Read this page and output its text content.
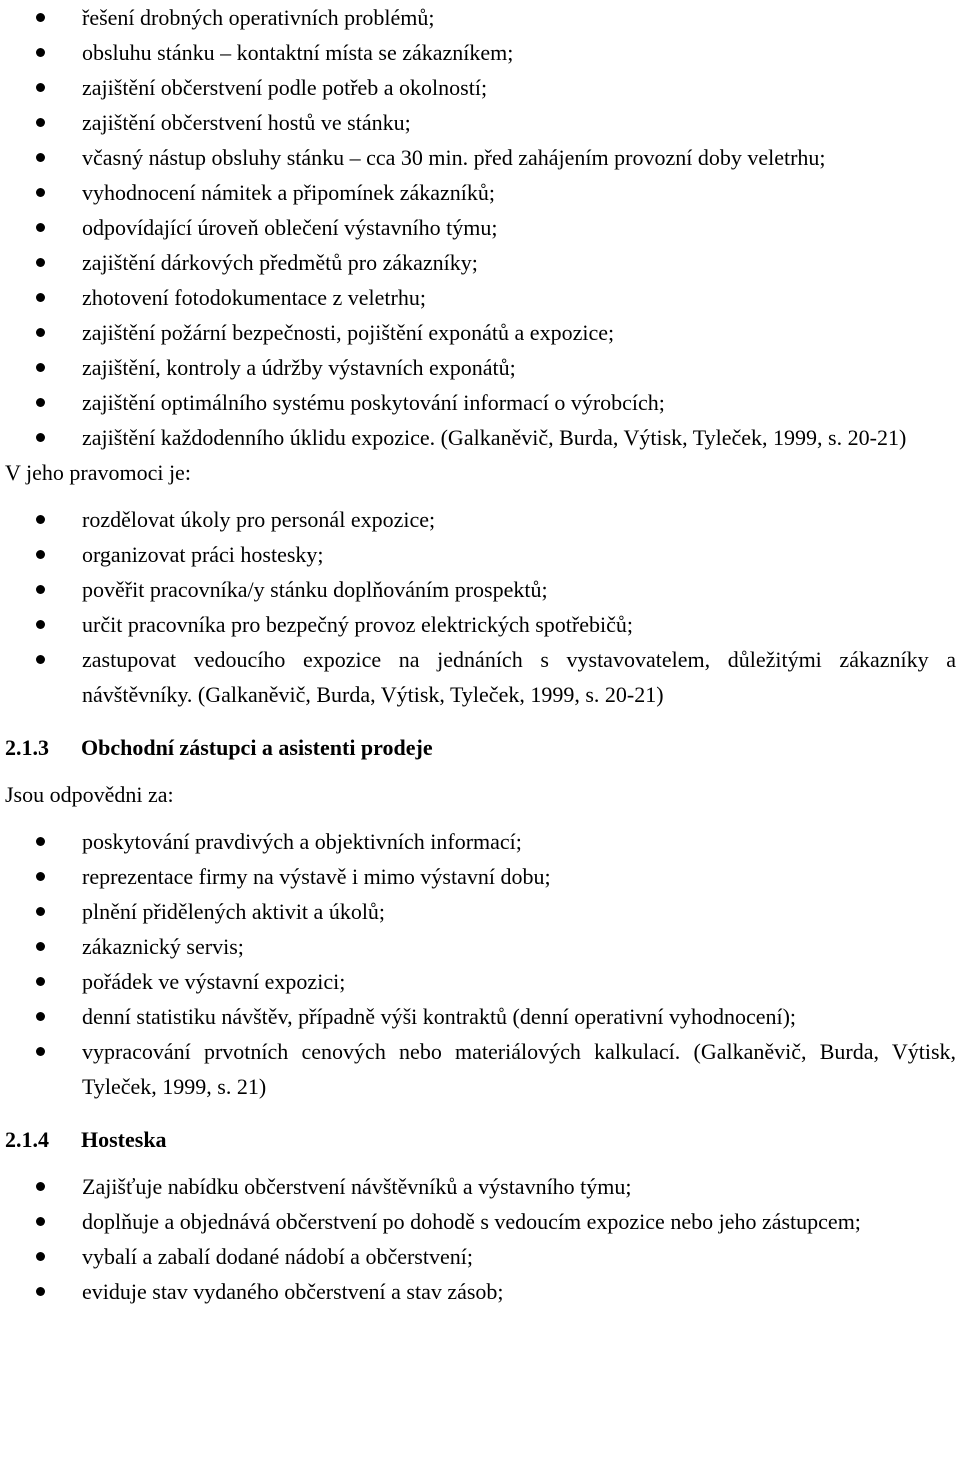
řešení drobných operativních problémů;
obsluhu stánku – kontaktní místa se zákazníkem;
zajištění občerstvení podle potřeb a okolností;
zajištění občerstvení hostů ve stánku;
včasný nástup obsluhy stánku – cca 30 min. před zahájením provozní doby veletrhu;
vyhodnocení námitek a připomínek zákazníků;
odpovídající úroveň oblečení výstavního týmu;
zajištění dárkových předmětů pro zákazníky;
zhotovení fotodokumentace z veletrhu;
zajištění požární bezpečnosti, pojištění exponátů a expozice;
zajištění, kontroly a údržby výstavních exponátů;
zajištění optimálního systému poskytování informací o výrobcích;
zajištění každodenního úklidu expozice. (Galkaněvič, Burda, Výtisk, Tyleček, 1999, s. 20-21)
V jeho pravomoci je:
rozdělovat úkoly pro personál expozice;
organizovat práci hostesky;
pověřit pracovníka/y stánku doplňováním prospektů;
určit pracovníka pro bezpečný provoz elektrických spotřebičů;
zastupovat vedoucího expozice na jednáních s vystavovatelem, důležitými zákazníky a návštěvníky. (Galkaněvič, Burda, Výtisk, Tyleček, 1999, s. 20-21)
2.1.3 Obchodní zástupci a asistenti prodeje
Jsou odpovědni za:
poskytování pravdivých a objektivních informací;
reprezentace firmy na výstavě i mimo výstavní dobu;
plnění přidělených aktivit a úkolů;
zákaznický servis;
pořádek ve výstavní expozici;
denní statistiku návštěv, případně výši kontraktů (denní operativní vyhodnocení);
vypracování prvotních cenových nebo materiálových kalkulací. (Galkaněvič, Burda, Výtisk, Tyleček, 1999, s. 21)
2.1.4 Hosteska
Zajišťuje nabídku občerstvení návštěvníků a výstavního týmu;
doplňuje a objednává občerstvení po dohodě s vedoucím expozice nebo jeho zástupcem;
vybalí a zabalí dodané nádobí a občerstvení;
eviduje stav vydaného občerstvení a stav zásob;
